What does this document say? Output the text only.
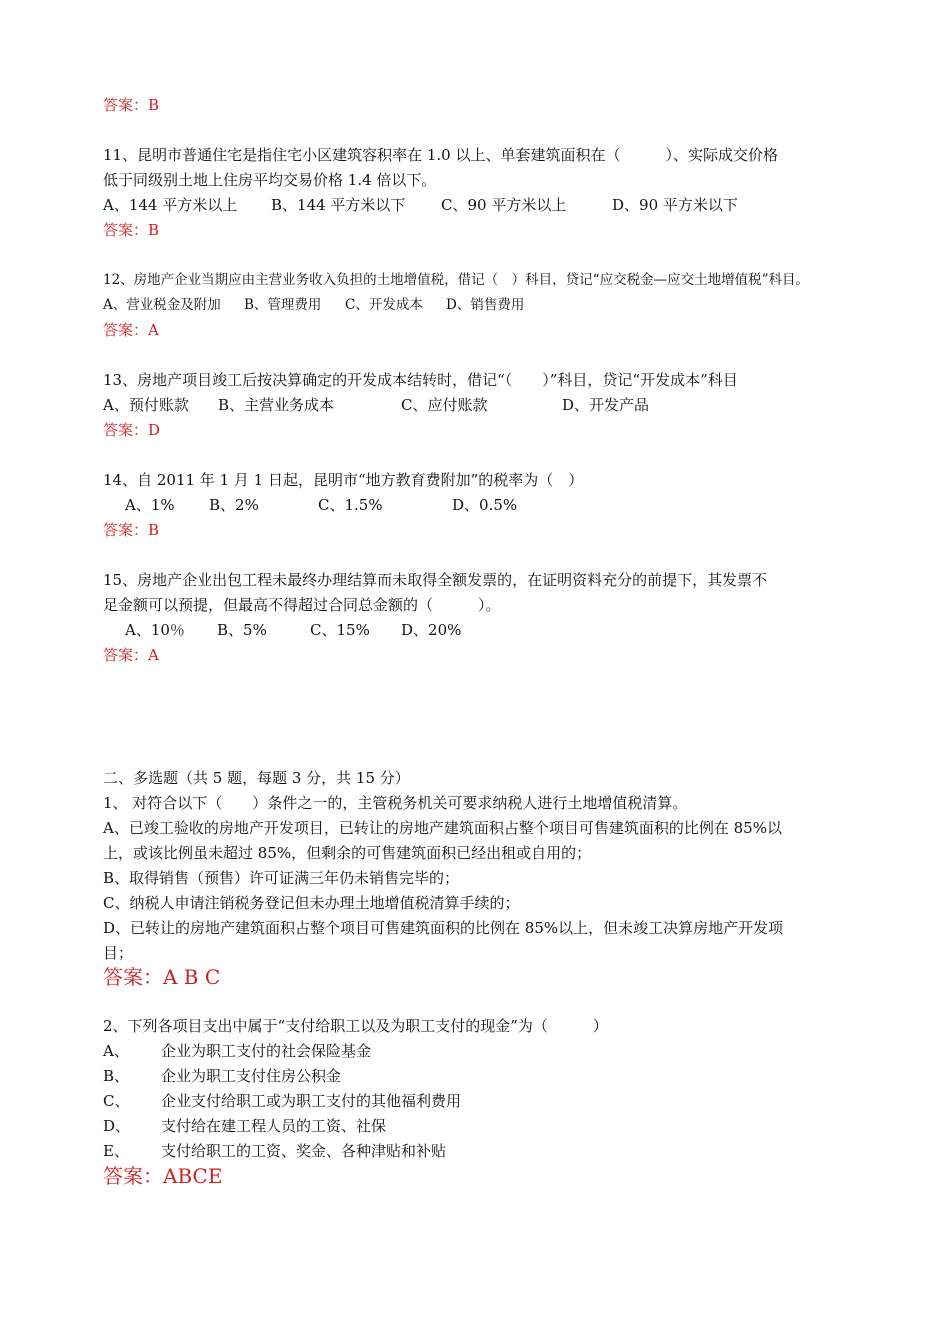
答案：B
11、昆明市普通住宅是指住宅小区建筑容积率在 1.0 以上、单套建筑面积在（　　　）、实际成交价格
低于同级别土地上住房平均交易价格 1.4 倍以下。
A、144 平方米以上 B、144 平方米以下 C、90 平方米以上	D、90 平方米以下
答案：B
12、房地产企业当期应由主营业务收入负担的土地增值税，借记（　）科目，贷记“应交税金—应交土地增值税”科目。
A、营业税金及附加 B、管理费用 C、开发成本 D、销售费用
答案：A
13、房地产项目竣工后按决算确定的开发成本结转时，借记“（　　）”科目，贷记“开发成本”科目
A、预付账款 B、主营业务成本	C、应付账款	D、开发产品
答案：D
14、自 2011 年 1 月 1 日起，昆明市“地方教育费附加”的税率为（　）
A、1% B、2%	C、1.5%	D、0.5%
答案：B
15、房地产企业出包工程未最终办理结算而未取得全额发票的，在证明资料充分的前提下，其发票不
足金额可以预提，但最高不得超过合同总金额的（　　　）。
A、10％ B、5%	C、15% D、20%
答案：A
二、多选题（共 5 题，每题 3 分，共 15 分）

1、 对符合以下（　　）条件之一的，主管税务机关可要求纳税人进行土地增值税清算。

A、已竣工验收的房地产开发项目，已转让的房地产建筑面积占整个项目可售建筑面积的比例在 85%以

上，或该比例虽未超过 85%，但剩余的可售建筑面积已经出租或自用的；

B、取得销售（预售）许可证满三年仍未销售完毕的；

C、纳税人申请注销税务登记但未办理土地增值税清算手续的；

D、已转让的房地产建筑面积占整个项目可售建筑面积的比例在 85%以上，但未竣工决算房地产开发项

目；

答案：A B C

2、下列各项目支出中属于“支付给职工以及为职工支付的现金”为（　　　）

A、	企业为职工支付的社会保险基金
B、	企业为职工支付住房公积金
C、	企业支付给职工或为职工支付的其他福利费用
D、	支付给在建工程人员的工资、社保
E、	支付给职工的工资、奖金、各种津贴和补贴
答案：ABCE
